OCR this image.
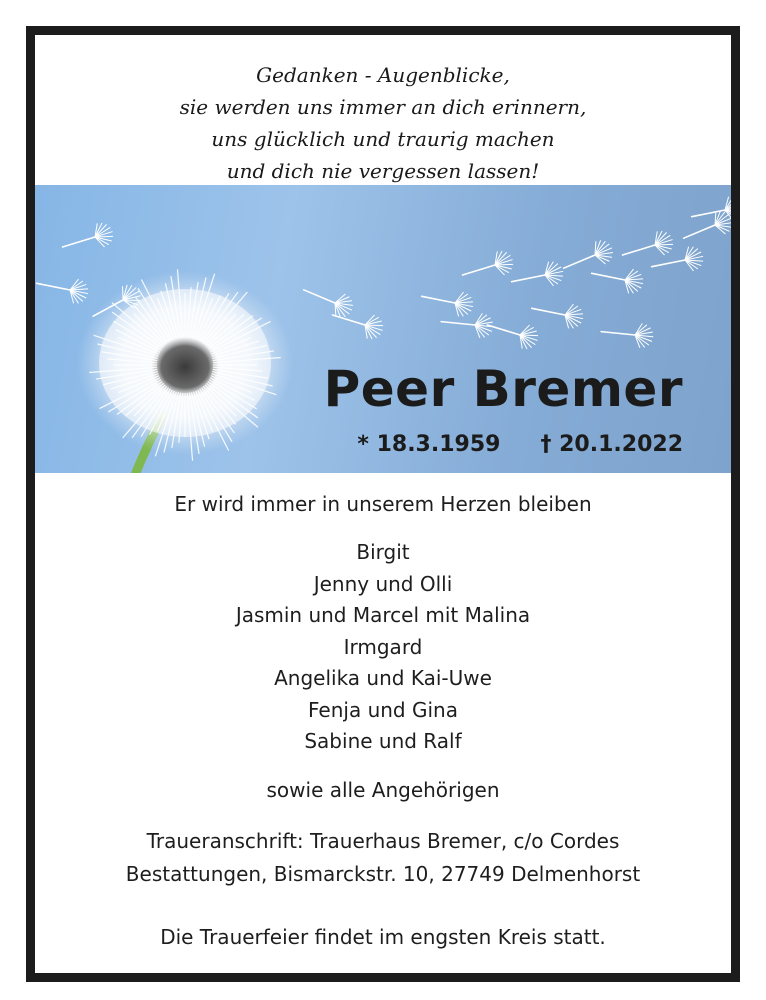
Gedanken - Augenblicke,
sie werden uns immer an dich erinnern,
uns glücklich und traurig machen
und dich nie vergessen lassen!
Peer Bremer
* 18.3.1959 † 20.1.2022
Er wird immer in unserem Herzen bleiben
Birgit
Jenny und Olli
Jasmin und Marcel mit Malina
Irmgard
Angelika und Kai-Uwe
Fenja und Gina
Sabine und Ralf
sowie alle Angehörigen
Traueranschrift: Trauerhaus Bremer, c/o Cordes
Bestattungen, Bismarckstr. 10, 27749 Delmenhorst
Die Trauerfeier findet im engsten Kreis statt.
